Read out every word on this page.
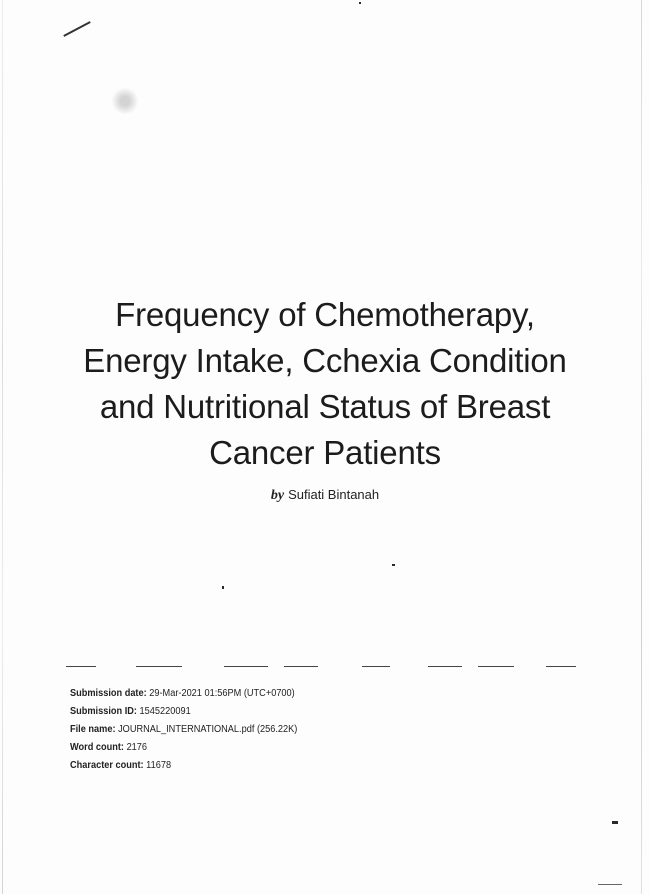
Frequency of Chemotherapy,
Energy Intake, Cchexia Condition
and Nutritional Status of Breast
Cancer Patients
by Sufiati Bintanah
Submission date: 29-Mar-2021 01:56PM (UTC+0700)
Submission ID: 1545220091
File name: JOURNAL_INTERNATIONAL.pdf (256.22K)
Word count: 2176
Character count: 11678
